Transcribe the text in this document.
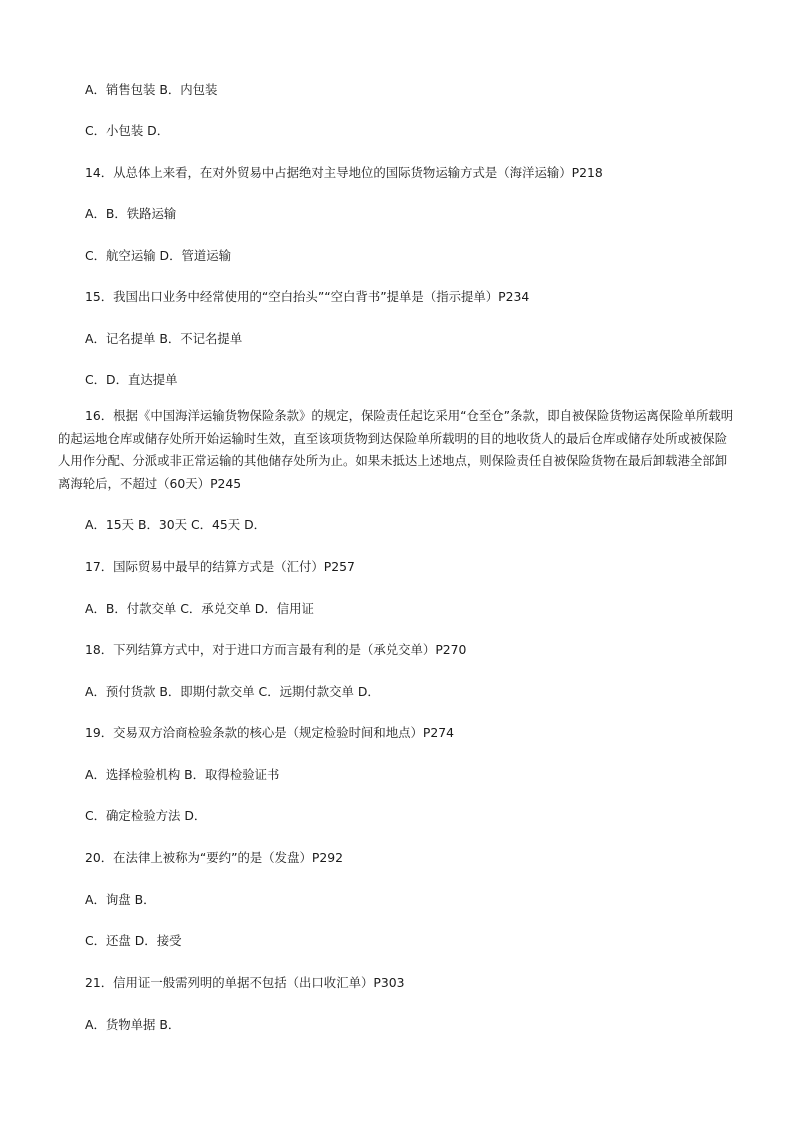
A．销售包装 B．内包装
C．小包装 D．
14．从总体上来看，在对外贸易中占据绝对主导地位的国际货物运输方式是（海洋运输）P218
A．B．铁路运输
C．航空运输 D．管道运输
15．我国出口业务中经常使用的“空白抬头”“空白背书”提单是（指示提单）P234
A．记名提单 B．不记名提单
C．D．直达提单
16．根据《中国海洋运输货物保险条款》的规定，保险责任起讫采用“仓至仓”条款，即自被保险货物运离保险单所载明的起运地仓库或储存处所开始运输时生效，直至该项货物到达保险单所载明的目的地收货人的最后仓库或储存处所或被保险人用作分配、分派或非正常运输的其他储存处所为止。如果未抵达上述地点，则保险责任自被保险货物在最后卸载港全部卸离海轮后，不超过（60天）P245
A．15天 B．30天 C．45天 D．
17．国际贸易中最早的结算方式是（汇付）P257
A．B．付款交单 C．承兑交单 D．信用证
18．下列结算方式中，对于进口方而言最有利的是（承兑交单）P270
A．预付货款 B．即期付款交单 C．远期付款交单 D．
19．交易双方洽商检验条款的核心是（规定检验时间和地点）P274
A．选择检验机构 B．取得检验证书
C．确定检验方法 D．
20．在法律上被称为“要约”的是（发盘）P292
A．询盘 B．
C．还盘 D．接受
21．信用证一般需列明的单据不包括（出口收汇单）P303
A．货物单据 B．
